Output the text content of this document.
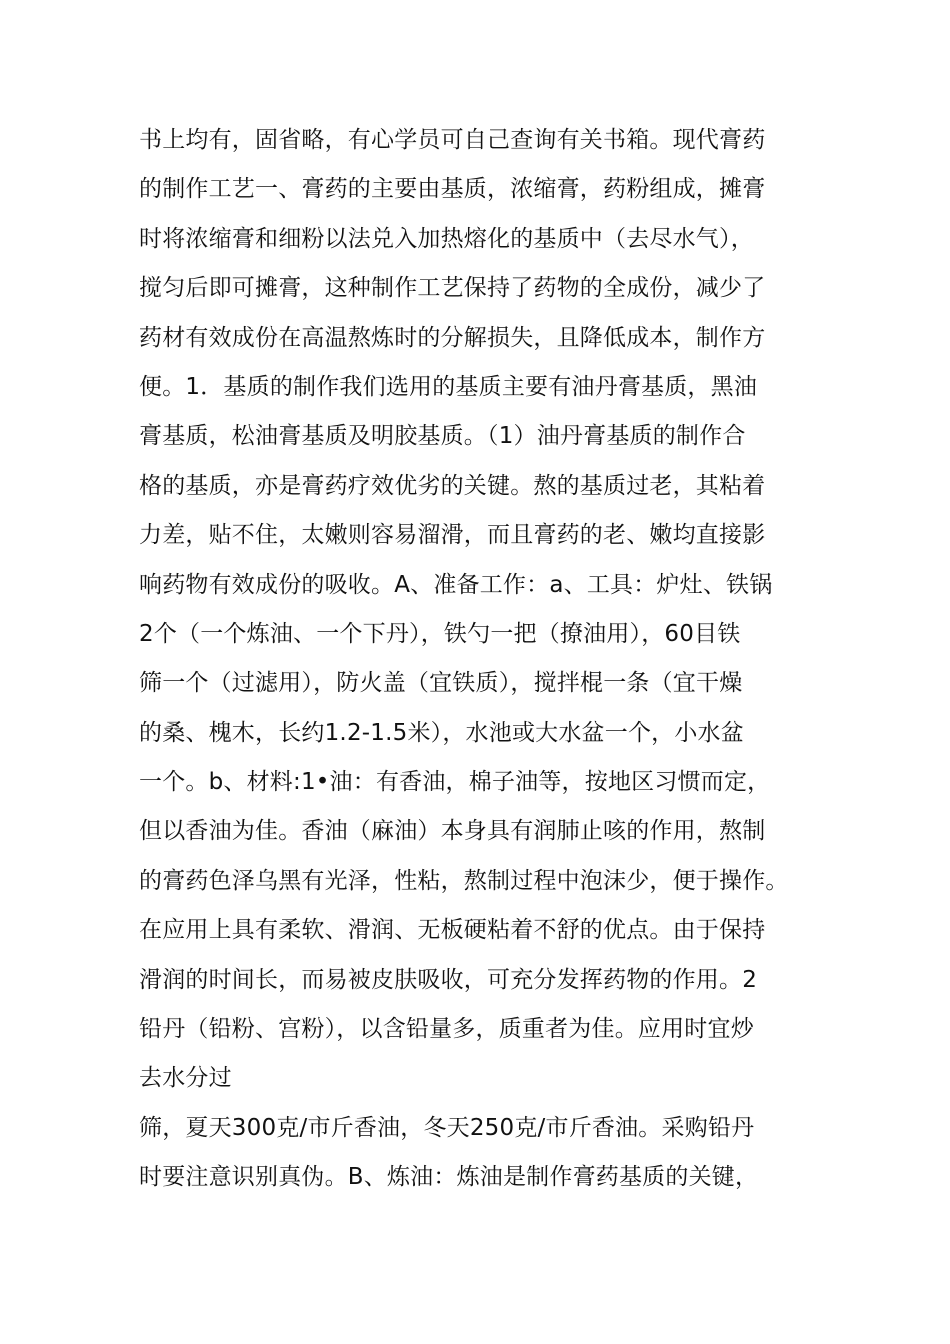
书上均有，固省略，有心学员可自己查询有关书箱。现代膏药
的制作工艺一、膏药的主要由基质，浓缩膏，药粉组成，摊膏
时将浓缩膏和细粉以法兑入加热熔化的基质中（去尽水气），
搅匀后即可摊膏，这种制作工艺保持了药物的全成份，减少了
药材有效成份在高温熬炼时的分解损失，且降低成本，制作方
便。1．基质的制作我们选用的基质主要有油丹膏基质，黑油
膏基质，松油膏基质及明胶基质。（1）油丹膏基质的制作合
格的基质，亦是膏药疗效优劣的关键。熬的基质过老，其粘着
力差，贴不住，太嫩则容易溜滑，而且膏药的老、嫩均直接影
响药物有效成份的吸收。A、准备工作：a、工具：炉灶、铁锅
2个（一个炼油、一个下丹），铁勺一把（撩油用），60目铁
筛一个（过滤用），防火盖（宜铁质），搅拌棍一条（宜干燥
的桑、槐木，长约1.2-1.5米），水池或大水盆一个，小水盆
一个。b、材料:1•油：有香油，棉子油等，按地区习惯而定，
但以香油为佳。香油（麻油）本身具有润肺止咳的作用，熬制
的膏药色泽乌黑有光泽，性粘，熬制过程中泡沫少，便于操作。
在应用上具有柔软、滑润、无板硬粘着不舒的优点。由于保持
滑润的时间长，而易被皮肤吸收，可充分发挥药物的作用。2
铅丹（铅粉、宫粉），以含铅量多，质重者为佳。应用时宜炒
去水分过
筛，夏天300克/市斤香油，冬天250克/市斤香油。采购铅丹
时要注意识别真伪。B、炼油：炼油是制作膏药基质的关键，
